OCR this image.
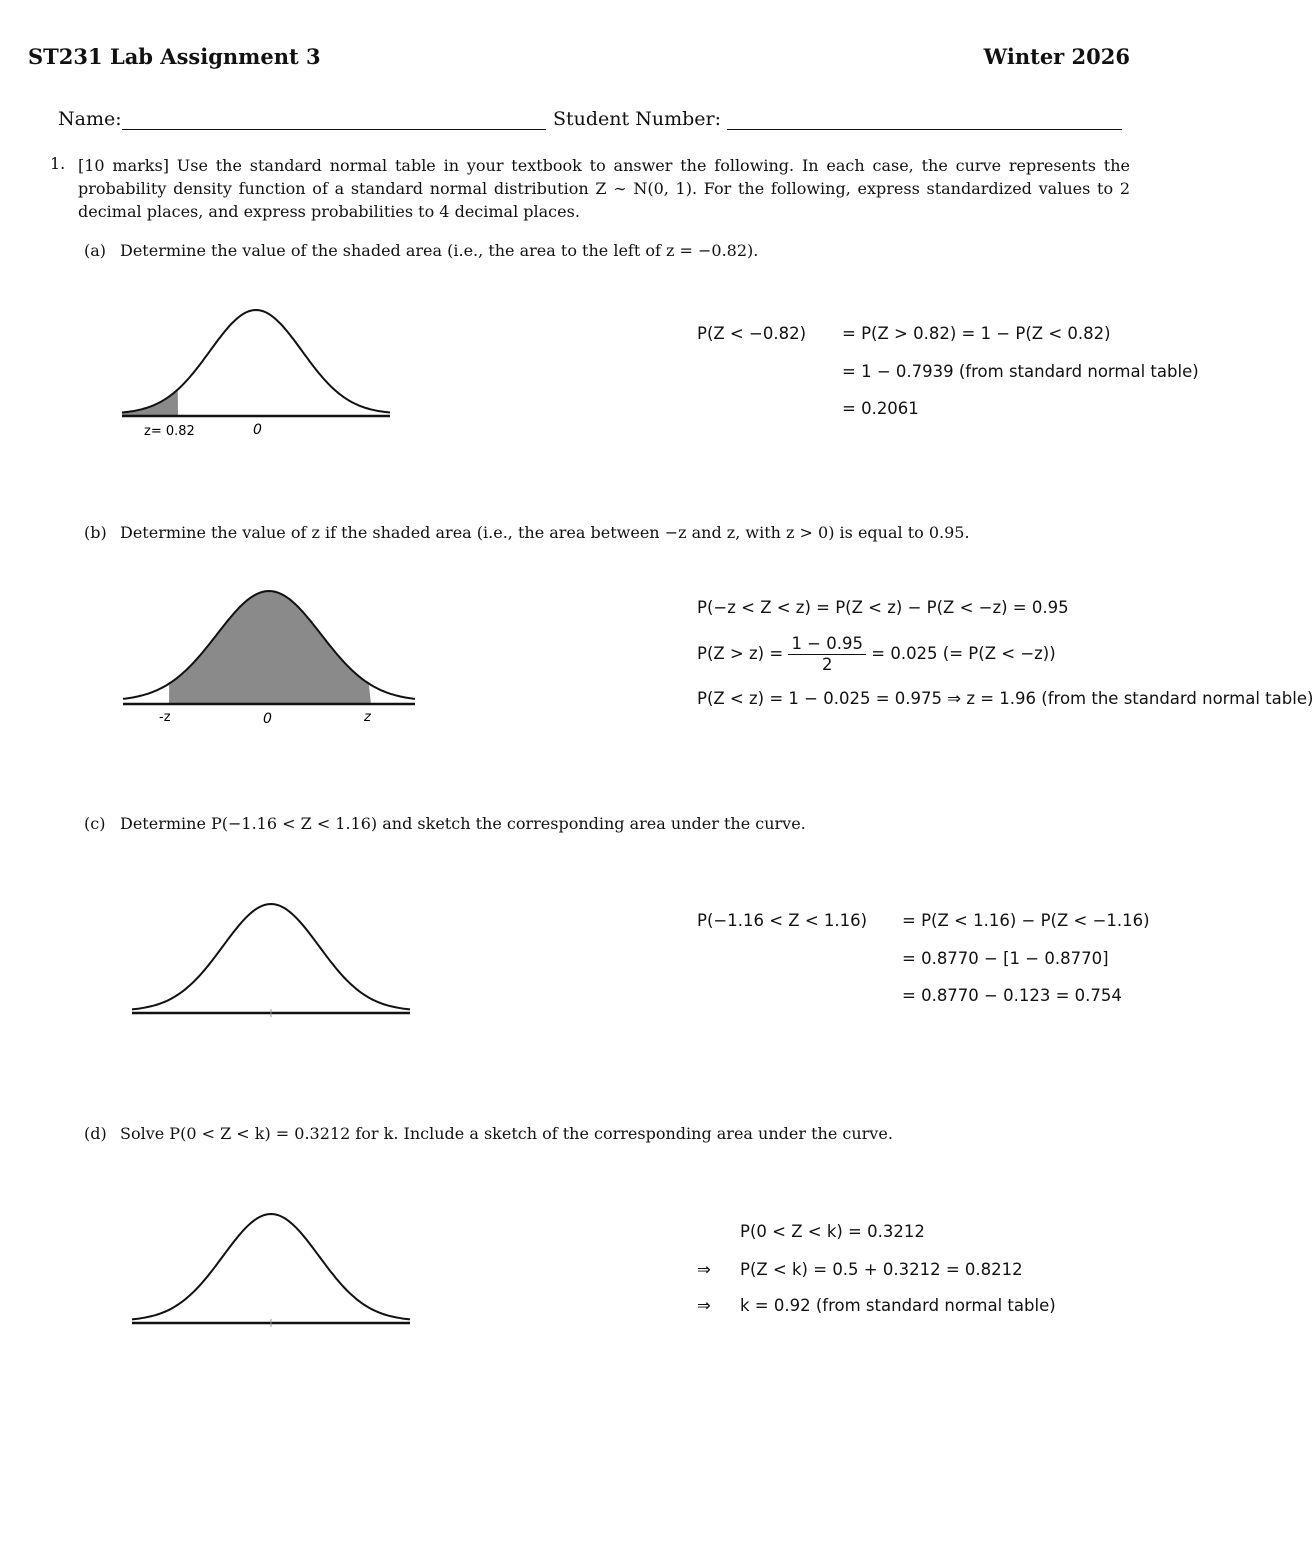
ST231 Lab Assignment 3	Winter 2026
Name:	Student Number:
1. [10 marks] Use the standard normal table in your textbook to answer the following. In each case, the curve represents the probability density function of a standard normal distribution Z ∼ N(0, 1). For the following, express standardized values to 2 decimal places, and express probabilities to 4 decimal places.
(a) Determine the value of the shaded area (i.e., the area to the left of z = −0.82).
z= 0.82	0
P(Z < −0.82) = P(Z > 0.82) = 1 − P(Z < 0.82)
= 1 − 0.7939 (from standard normal table)
= 0.2061
(b) Determine the value of z if the shaded area (i.e., the area between −z and z, with z > 0) is equal to 0.95.
-z	0	z
P(−z < Z < z) = P(Z < z) − P(Z < −z) = 0.95
$P(Z > z) = \frac{1 - 0.95}{2} = 0.025$ (= P(Z < −z))
P(Z < z) = 1 − 0.025 = 0.975 ⇒ z = 1.96 (from the standard normal table)
(c) Determine P(−1.16 < Z < 1.16) and sketch the corresponding area under the curve.
P(−1.16 < Z < 1.16) = P(Z < 1.16) − P(Z < −1.16)
= 0.8770 − [1 − 0.8770]
= 0.8770 − 0.123 = 0.754
(d) Solve P(0 < Z < k) = 0.3212 for k. Include a sketch of the corresponding area under the curve.
P(0 < Z < k) = 0.3212
⇒ P(Z < k) = 0.5 + 0.3212 = 0.8212
⇒ k = 0.92 (from standard normal table)
